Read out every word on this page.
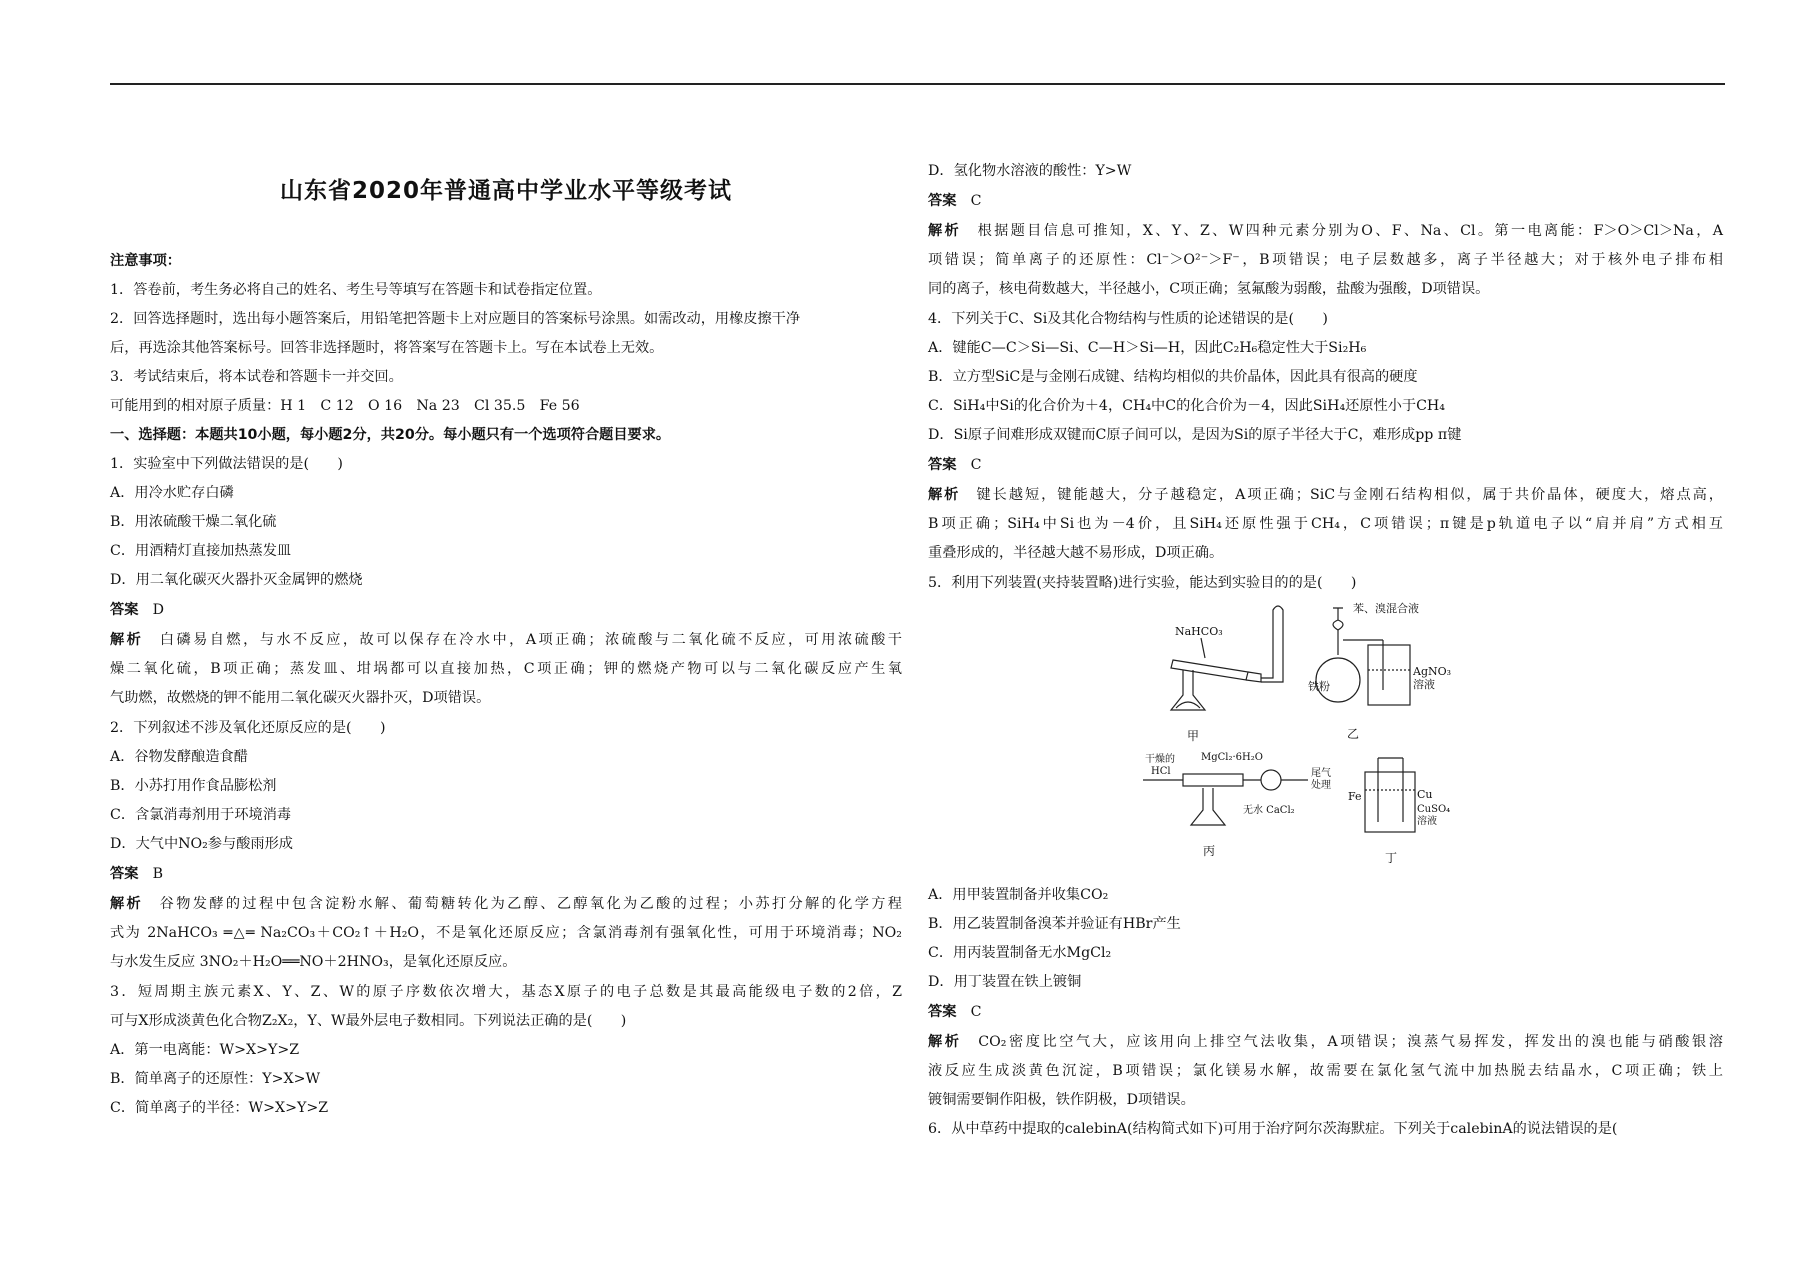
山东省2020年普通高中学业水平等级考试
注意事项：
1．答卷前，考生务必将自己的姓名、考生号等填写在答题卡和试卷指定位置。
2．回答选择题时，选出每小题答案后，用铅笔把答题卡上对应题目的答案标号涂黑。如需改动，用橡皮擦干净
后，再选涂其他答案标号。回答非选择题时，将答案写在答题卡上。写在本试卷上无效。
3．考试结束后，将本试卷和答题卡一并交回。
可能用到的相对原子质量：H 1　C 12　O 16　Na 23　Cl 35.5　Fe 56
一、选择题：本题共10小题，每小题2分，共20分。每小题只有一个选项符合题目要求。
1．实验室中下列做法错误的是(　　)
A．用冷水贮存白磷
B．用浓硫酸干燥二氧化硫
C．用酒精灯直接加热蒸发皿
D．用二氧化碳灭火器扑灭金属钾的燃烧
答案　 D
解析　 白磷易自燃，与水不反应，故可以保存在冷水中，A项正确；浓硫酸与二氧化硫不反应，可用浓硫酸干
燥二氧化硫，B项正确；蒸发皿、坩埚都可以直接加热，C项正确；钾的燃烧产物可以与二氧化碳反应产生氧
气助燃，故燃烧的钾不能用二氧化碳灭火器扑灭，D项错误。
2．下列叙述不涉及氧化还原反应的是(　　)
A．谷物发酵酿造食醋
B．小苏打用作食品膨松剂
C．含氯消毒剂用于环境消毒
D．大气中NO₂参与酸雨形成
答案　 B
解析　 谷物发酵的过程中包含淀粉水解、葡萄糖转化为乙醇、乙醇氧化为乙酸的过程；小苏打分解的化学方程
式为 2NaHCO₃ ═△═ Na₂CO₃＋CO₂↑＋H₂O，不是氧化还原反应；含氯消毒剂有强氧化性，可用于环境消毒；NO₂
与水发生反应 3NO₂＋H₂O══NO＋2HNO₃，是氧化还原反应。
3．短周期主族元素X、Y、Z、W的原子序数依次增大，基态X原子的电子总数是其最高能级电子数的2倍，Z
可与X形成淡黄色化合物Z₂X₂，Y、W最外层电子数相同。下列说法正确的是(　　)
A．第一电离能：W>X>Y>Z
B．简单离子的还原性：Y>X>W
C．简单离子的半径：W>X>Y>Z
D．氢化物水溶液的酸性：Y>W
答案　 C
解析　 根据题目信息可推知，X、Y、Z、W四种元素分别为O、F、Na、Cl。第一电离能：F＞O＞Cl＞Na，A
项错误；简单离子的还原性：Cl⁻＞O²⁻＞F⁻，B项错误；电子层数越多，离子半径越大；对于核外电子排布相
同的离子，核电荷数越大，半径越小，C项正确；氢氟酸为弱酸，盐酸为强酸，D项错误。
4．下列关于C、Si及其化合物结构与性质的论述错误的是(　　)
A．键能C—C＞Si—Si、C—H＞Si—H，因此C₂H₆稳定性大于Si₂H₆
B．立方型SiC是与金刚石成键、结构均相似的共价晶体，因此具有很高的硬度
C．SiH₄中Si的化合价为＋4，CH₄中C的化合价为－4，因此SiH₄还原性小于CH₄
D．Si原子间难形成双键而C原子间可以，是因为Si的原子半径大于C，难形成pp π键
答案　 C
解析　 键长越短，键能越大，分子越稳定，A项正确；SiC与金刚石结构相似，属于共价晶体，硬度大，熔点高，
B项正确；SiH₄中Si也为－4价，且SiH₄还原性强于CH₄，C项错误；π键是p轨道电子以“肩并肩”方式相互
重叠形成的，半径越大越不易形成，D项正确。
5．利用下列装置(夹持装置略)进行实验，能达到实验目的的是(　　)
NaHCO₃
甲
苯、溴混合液
铁粉
AgNO₃
溶液
乙
干燥的
HCl
MgCl₂·6H₂O
尾气
处理
无水 CaCl₂
丙
Fe	Cu
CuSO₄
溶液
丁
A．用甲装置制备并收集CO₂
B．用乙装置制备溴苯并验证有HBr产生
C．用丙装置制备无水MgCl₂
D．用丁装置在铁上镀铜
答案　 C
解析　 CO₂密度比空气大，应该用向上排空气法收集，A项错误；溴蒸气易挥发，挥发出的溴也能与硝酸银溶
液反应生成淡黄色沉淀，B项错误；氯化镁易水解，故需要在氯化氢气流中加热脱去结晶水，C项正确；铁上
镀铜需要铜作阳极，铁作阴极，D项错误。
6．从中草药中提取的calebinA(结构简式如下)可用于治疗阿尔茨海默症。下列关于calebinA的说法错误的是(
